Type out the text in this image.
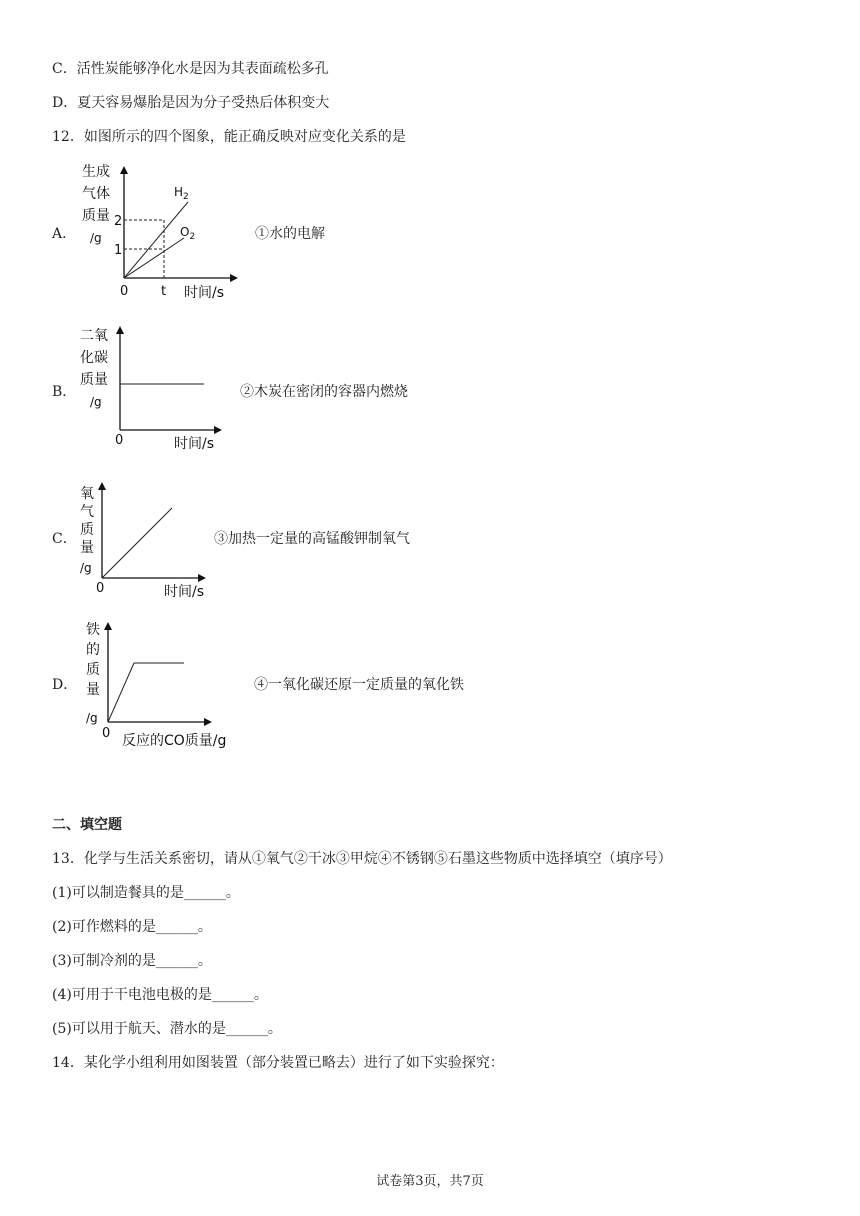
C．活性炭能够净化水是因为其表面疏松多孔
D．夏天容易爆胎是因为分子受热后体积变大
12．如图所示的四个图象，能正确反映对应变化关系的是
A．
生成
气体
质量
/g
2
1
0	t 时间/s
$H_2$
$O_2$	①水的电解
B．
二氧
化碳
质量
/g
0	时间/s
②木炭在密闭的容器内燃烧
C．
氧
气
质
量
/g
0	时间/s
③加热一定量的高锰酸钾制氧气
D．
铁
的
质
量
/g
0 反应的CO质量/g
④一氧化碳还原一定质量的氧化铁
二、填空题
13．化学与生活关系密切，请从①氧气②干冰③甲烷④不锈钢⑤石墨这些物质中选择填空（填序号）
(1)可以制造餐具的是______。
(2)可作燃料的是______。
(3)可制冷剂的是______。
(4)可用于干电池电极的是______。
(5)可以用于航天、潜水的是______。
14．某化学小组利用如图装置（部分装置已略去）进行了如下实验探究：
试卷第3页，共7页
